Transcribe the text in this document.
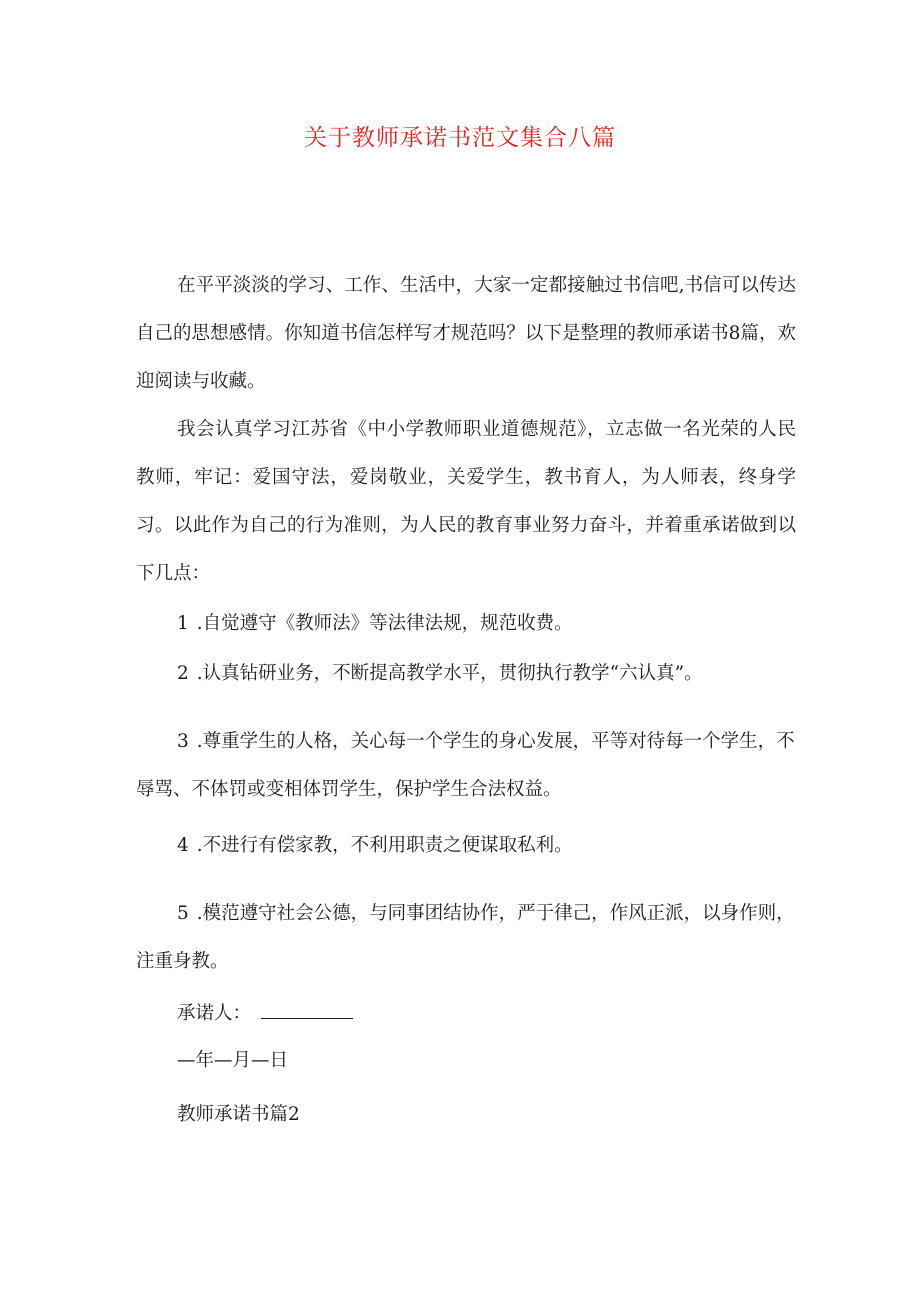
关于教师承诺书范文集合八篇

在平平淡淡的学习、工作、生活中，大家一定都接触过书信吧,书信可以传达自己的思想感情。你知道书信怎样写才规范吗？以下是整理的教师承诺书8篇，欢迎阅读与收藏。

我会认真学习江苏省《中小学教师职业道德规范》，立志做一名光荣的人民教师，牢记：爱国守法，爱岗敬业，关爱学生，教书育人，为人师表，终身学习。以此作为自己的行为准则，为人民的教育事业努力奋斗，并着重承诺做到以下几点：

1 .自觉遵守《教师法》等法律法规，规范收费。

2 .认真钻研业务，不断提高教学水平，贯彻执行教学“六认真”。

3 .尊重学生的人格，关心每一个学生的身心发展，平等对待每一个学生，不辱骂、不体罚或变相体罚学生，保护学生合法权益。

4 .不进行有偿家教，不利用职责之便谋取私利。

5 .模范遵守社会公德，与同事团结协作，严于律己，作风正派，以身作则，注重身教。

承诺人：
—年—月—日
教师承诺书篇2
